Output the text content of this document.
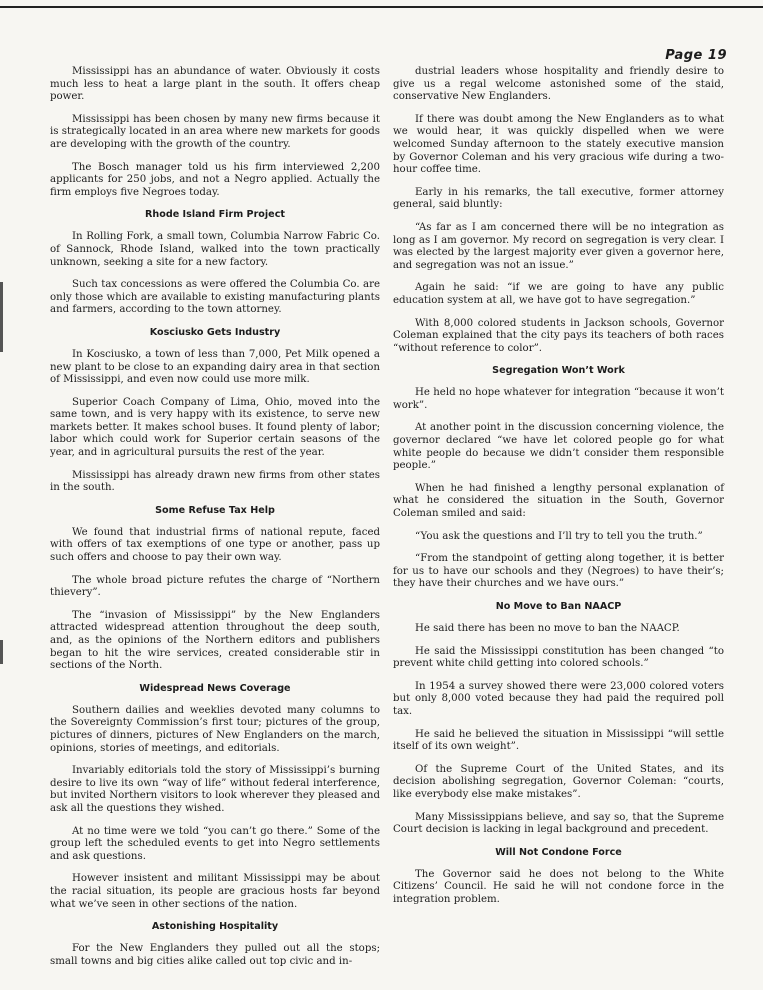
Page 19

Mississippi has an abundance of water. Obviously it costs much less to heat a large plant in the south. It offers cheap power.

Mississippi has been chosen by many new firms because it is strategically located in an area where new markets for goods are developing with the growth of the country.

The Bosch manager told us his firm interviewed 2,200 applicants for 250 jobs, and not a Negro applied. Actually the firm employs five Negroes today.

Rhode Island Firm Project

In Rolling Fork, a small town, Columbia Narrow Fabric Co. of Sannock, Rhode Island, walked into the town practically unknown, seeking a site for a new factory.

Such tax concessions as were offered the Columbia Co. are only those which are available to existing manufacturing plants and farmers, according to the town attorney.

Kosciusko Gets Industry

In Kosciusko, a town of less than 7,000, Pet Milk opened a new plant to be close to an expanding dairy area in that section of Mississippi, and even now could use more milk.

Superior Coach Company of Lima, Ohio, moved into the same town, and is very happy with its existence, to serve new markets better. It makes school buses. It found plenty of labor; labor which could work for Superior certain seasons of the year, and in agricultural pursuits the rest of the year.

Mississippi has already drawn new firms from other states in the south.

Some Refuse Tax Help

We found that industrial firms of national repute, faced with offers of tax exemptions of one type or another, pass up such offers and choose to pay their own way.

The whole broad picture refutes the charge of “Northern thievery”.

The “invasion of Mississippi” by the New Englanders attracted widespread attention throughout the deep south, and, as the opinions of the Northern editors and publishers began to hit the wire services, created considerable stir in sections of the North.

Widespread News Coverage

Southern dailies and weeklies devoted many columns to the Sovereignty Commission’s first tour; pictures of the group, pictures of dinners, pictures of New Englanders on the march, opinions, stories of meetings, and editorials.

Invariably editorials told the story of Mississippi’s burning desire to live its own “way of life” without federal interference, but invited Northern visitors to look wherever they pleased and ask all the questions they wished.

At no time were we told “you can’t go there.” Some of the group left the scheduled events to get into Negro settlements and ask questions.

However insistent and militant Mississippi may be about the racial situation, its people are gracious hosts far beyond what we’ve seen in other sections of the nation.

Astonishing Hospitality

For the New Englanders they pulled out all the stops; small towns and big cities alike called out top civic and in-

dustrial leaders whose hospitality and friendly desire to give us a regal welcome astonished some of the staid, conservative New Englanders.

If there was doubt among the New Englanders as to what we would hear, it was quickly dispelled when we were welcomed Sunday afternoon to the stately executive mansion by Governor Coleman and his very gracious wife during a two-hour coffee time.

Early in his remarks, the tall executive, former attorney general, said bluntly:

“As far as I am concerned there will be no integration as long as I am governor. My record on segregation is very clear. I was elected by the largest majority ever given a governor here, and segregation was not an issue.”

Again he said: “if we are going to have any public education system at all, we have got to have segregation.”

With 8,000 colored students in Jackson schools, Governor Coleman explained that the city pays its teachers of both races “without reference to color”.

Segregation Won’t Work

He held no hope whatever for integration “because it won’t work”.

At another point in the discussion concerning violence, the governor declared “we have let colored people go for what white people do because we didn’t consider them responsible people.”

When he had finished a lengthy personal explanation of what he considered the situation in the South, Governor Coleman smiled and said:

“You ask the questions and I’ll try to tell you the truth.”

“From the standpoint of getting along together, it is better for us to have our schools and they (Negroes) to have their’s; they have their churches and we have ours.”

No Move to Ban NAACP

He said there has been no move to ban the NAACP.

He said the Mississippi constitution has been changed “to prevent white child getting into colored schools.”

In 1954 a survey showed there were 23,000 colored voters but only 8,000 voted because they had paid the required poll tax.

He said he believed the situation in Mississippi “will settle itself of its own weight”.

Of the Supreme Court of the United States, and its decision abolishing segregation, Governor Coleman: “courts, like everybody else make mistakes”.

Many Mississippians believe, and say so, that the Supreme Court decision is lacking in legal background and precedent.

Will Not Condone Force

The Governor said he does not belong to the White Citizens’ Council. He said he will not condone force in the integration problem.
